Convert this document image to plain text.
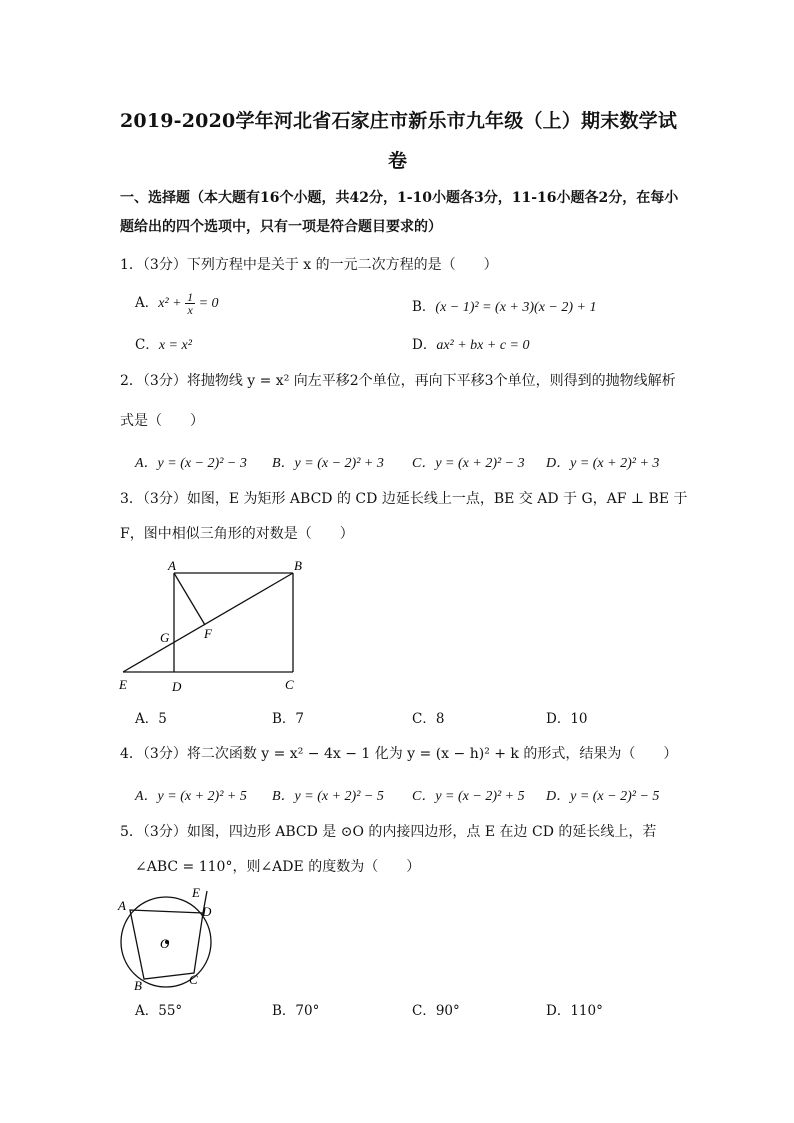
2019-2020学年河北省石家庄市新乐市九年级（上）期末数学试
卷
一、选择题（本大题有16个小题，共42分，1-10小题各3分，11-16小题各2分，在每小
题给出的四个选项中，只有一项是符合题目要求的）
1．（3分）下列方程中是关于 x 的一元二次方程的是（　　）
A．$x^2 + \frac{1}{x} = 0$	B．(x − 1)² = (x + 3)(x − 2) + 1
C．x = x²	D．ax² + bx + c = 0
2．（3分）将抛物线 y = x² 向左平移2个单位，再向下平移3个单位，则得到的抛物线解析
式是（　　）
A．y = (x − 2)² − 3 B．y = (x − 2)² + 3 C．y = (x + 2)² − 3 D．y = (x + 2)² + 3
3．（3分）如图，E 为矩形 ABCD 的 CD 边延长线上一点，BE 交 AD 于 G，AF ⊥ BE 于
F，图中相似三角形的对数是（　　）
A	B
C
D
E
F
G
A．5	B．7	C．8	D．10
4．（3分）将二次函数 y = x² − 4x − 1 化为 y = (x − h)² + k 的形式，结果为（　　）
A．y = (x + 2)² + 5 B．y = (x + 2)² − 5 C．y = (x − 2)² + 5 D．y = (x − 2)² − 5
5．（3分）如图，四边形 ABCD 是 ⊙O 的内接四边形，点 E 在边 CD 的延长线上，若
∠ABC = 110°，则∠ADE 的度数为（　　）
A
B	C
D
E
O
A．55°	B．70°	C．90°	D．110°
